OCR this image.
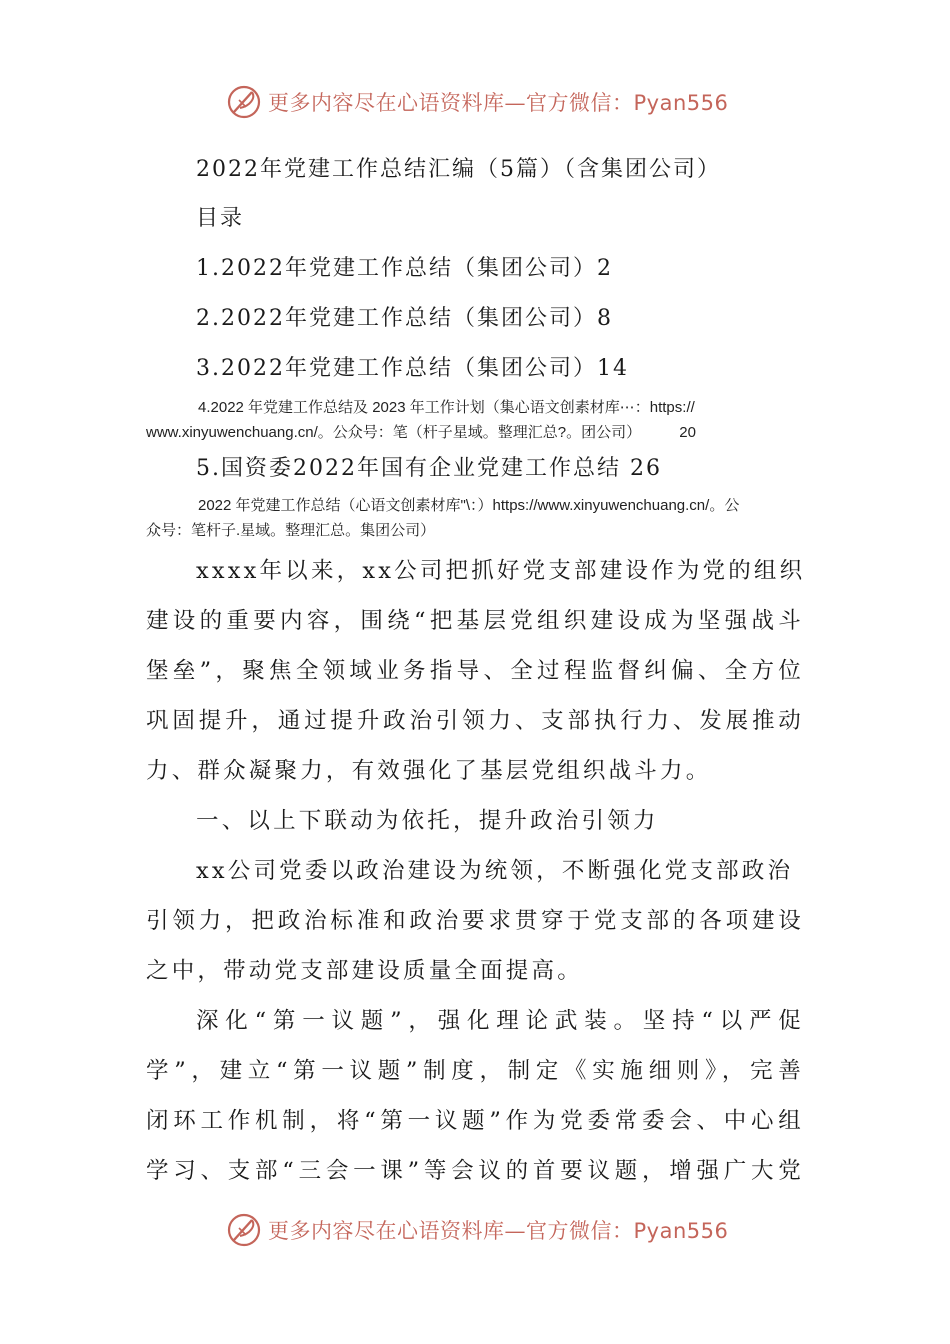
更多内容尽在心语资料库—官方微信：Pyan556
2022年党建工作总结汇编（5篇）（含集团公司）
目录
1.2022年党建工作总结（集团公司）2
2.2022年党建工作总结（集团公司）8
3.2022年党建工作总结（集团公司）14
4.2022 年党建工作总结及 2023 年工作计划（集心语文创素材库⋯：https://
www.xinyuwenchuang.cn/。公众号：笔（杆子星域。整理汇总?。团公司）	20
5.国资委2022年国有企业党建工作总结 26
2022 年党建工作总结（心语文创素材库"\：）https://www.xinyuwenchuang.cn/。公
众号：笔杆子.星域。整理汇总。集团公司）
xxxx年以来，xx公司把抓好党支部建设作为党的组织
建设的重要内容，围绕“把基层党组织建设成为坚强战斗
堡垒”，聚焦全领域业务指导、全过程监督纠偏、全方位
巩固提升，通过提升政治引领力、支部执行力、发展推动
力、群众凝聚力，有效强化了基层党组织战斗力。
一、以上下联动为依托，提升政治引领力
xx公司党委以政治建设为统领，不断强化党支部政治
引领力，把政治标准和政治要求贯穿于党支部的各项建设
之中，带动党支部建设质量全面提高。
深化“第一议题”，强化理论武装。坚持“以严促
学”，建立“第一议题”制度，制定《实施细则》，完善
闭环工作机制，将“第一议题”作为党委常委会、中心组
学习、支部“三会一课”等会议的首要议题，增强广大党
更多内容尽在心语资料库—官方微信：Pyan556
